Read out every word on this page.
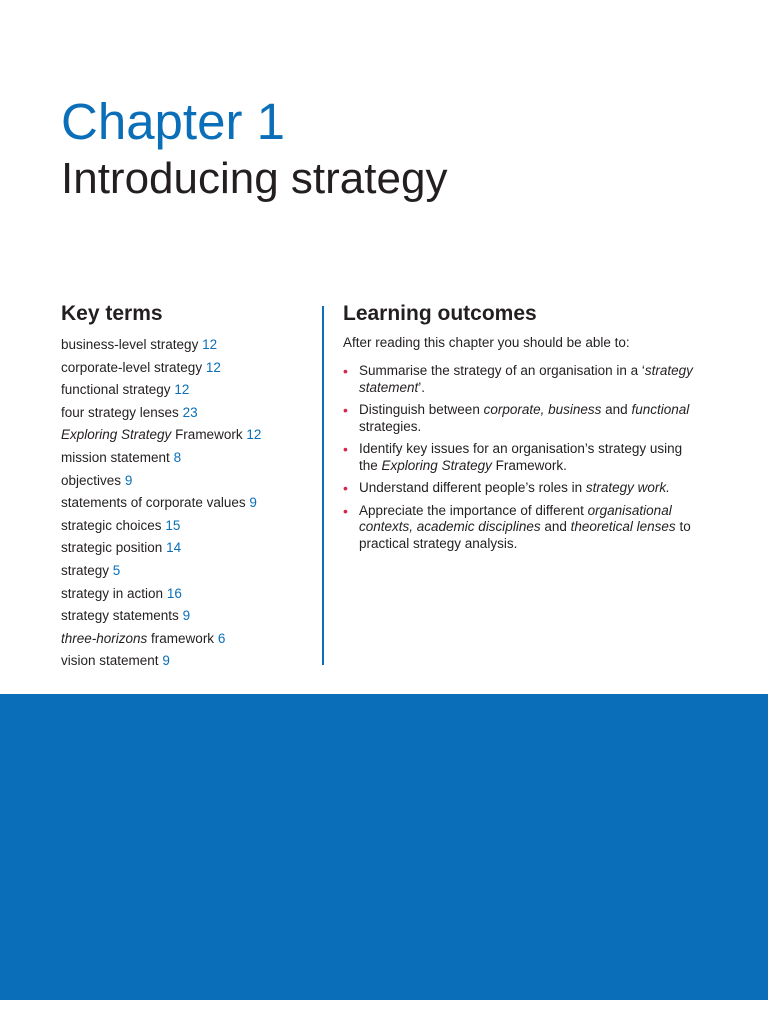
Chapter 1
Introducing strategy
Key terms
business-level strategy 12
corporate-level strategy 12
functional strategy 12
four strategy lenses 23
Exploring Strategy Framework 12
mission statement 8
objectives 9
statements of corporate values 9
strategic choices 15
strategic position 14
strategy 5
strategy in action 16
strategy statements 9
three-horizons framework 6
vision statement 9
Learning outcomes

After reading this chapter you should be able to:

• Summarise the strategy of an organisation in a ‘strategy statement’.
• Distinguish between corporate, business and functional strategies.
• Identify key issues for an organisation’s strategy using the Exploring Strategy Framework.
• Understand different people’s roles in strategy work.
• Appreciate the importance of different organisational contexts, academic disciplines and theoretical lenses to practical strategy analysis.
